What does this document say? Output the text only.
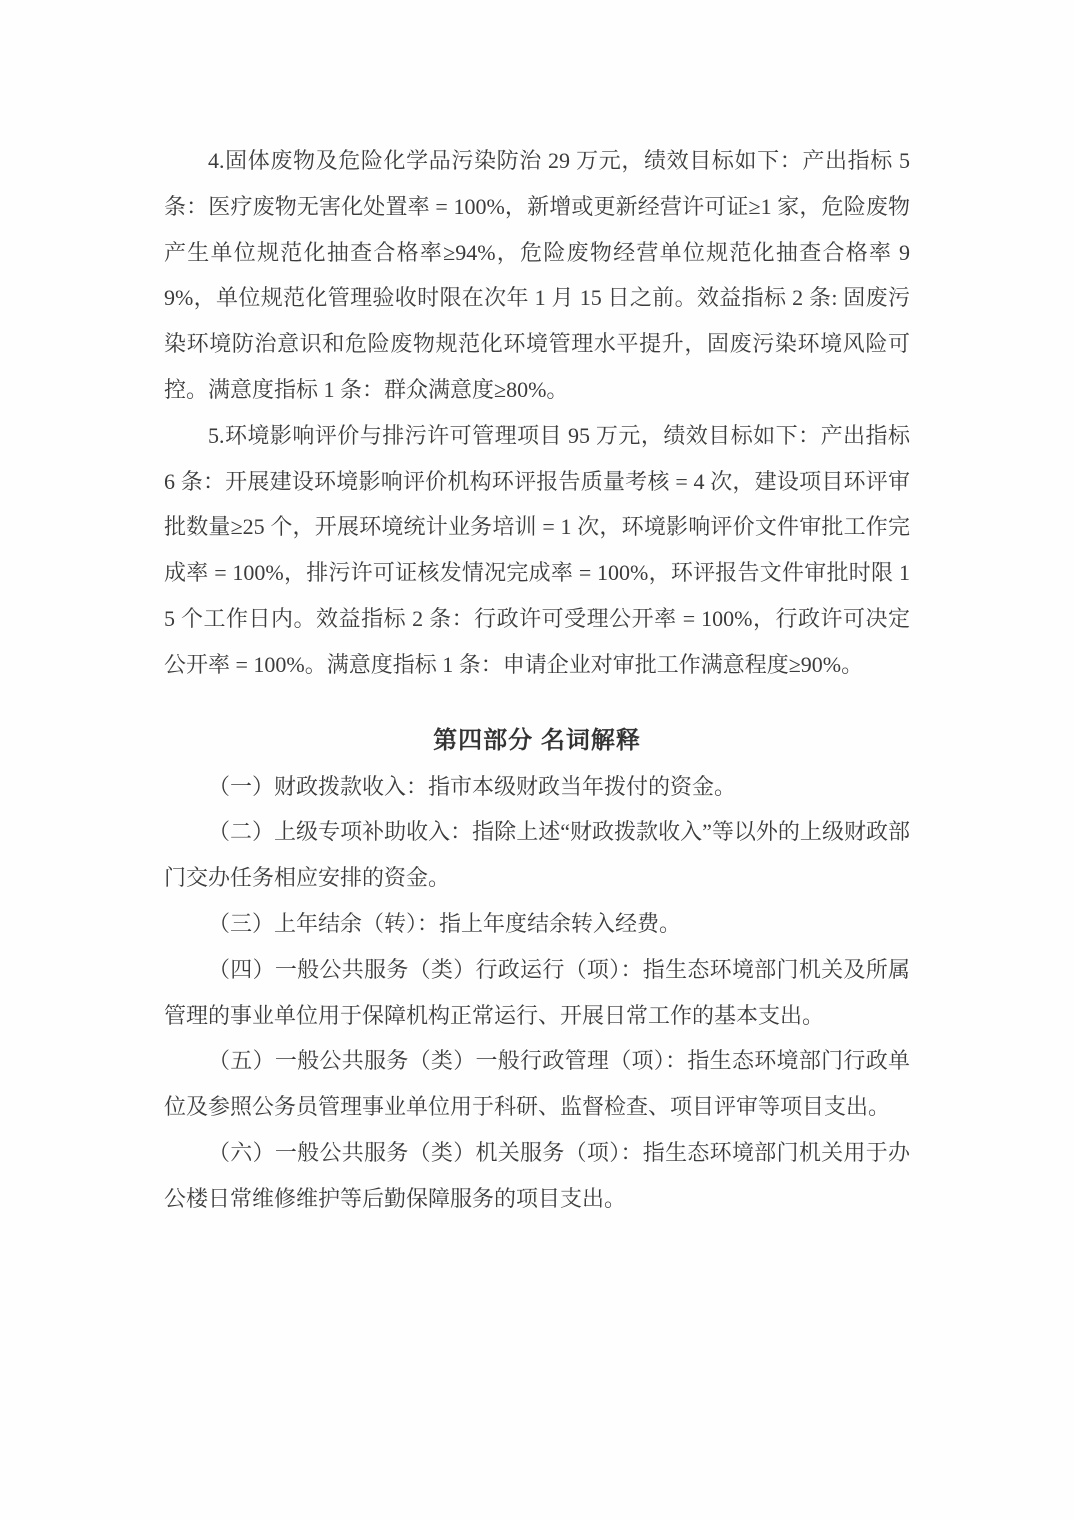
4.固体废物及危险化学品污染防治 29 万元，绩效目标如下：产出指标 5 条：医疗废物无害化处置率 = 100%，新增或更新经营许可证≥1 家，危险废物产生单位规范化抽查合格率≥94%，危险废物经营单位规范化抽查合格率 99%，单位规范化管理验收时限在次年 1 月 15 日之前。效益指标 2 条: 固废污染环境防治意识和危险废物规范化环境管理水平提升，固废污染环境风险可控。满意度指标 1 条：群众满意度≥80%。

5.环境影响评价与排污许可管理项目 95 万元，绩效目标如下：产出指标 6 条：开展建设环境影响评价机构环评报告质量考核 = 4 次，建设项目环评审批数量≥25 个，开展环境统计业务培训 = 1 次，环境影响评价文件审批工作完成率 = 100%，排污许可证核发情况完成率 = 100%，环评报告文件审批时限 15 个工作日内。效益指标 2 条：行政许可受理公开率 = 100%，行政许可决定公开率 = 100%。满意度指标 1 条：申请企业对审批工作满意程度≥90%。

第四部分 名词解释

（一）财政拨款收入：指市本级财政当年拨付的资金。

（二）上级专项补助收入：指除上述“财政拨款收入”等以外的上级财政部门交办任务相应安排的资金。

（三）上年结余（转）：指上年度结余转入经费。

（四）一般公共服务（类）行政运行（项）：指生态环境部门机关及所属管理的事业单位用于保障机构正常运行、开展日常工作的基本支出。

（五）一般公共服务（类）一般行政管理（项）：指生态环境部门行政单位及参照公务员管理事业单位用于科研、监督检查、项目评审等项目支出。

（六）一般公共服务（类）机关服务（项）：指生态环境部门机关用于办公楼日常维修维护等后勤保障服务的项目支出。
